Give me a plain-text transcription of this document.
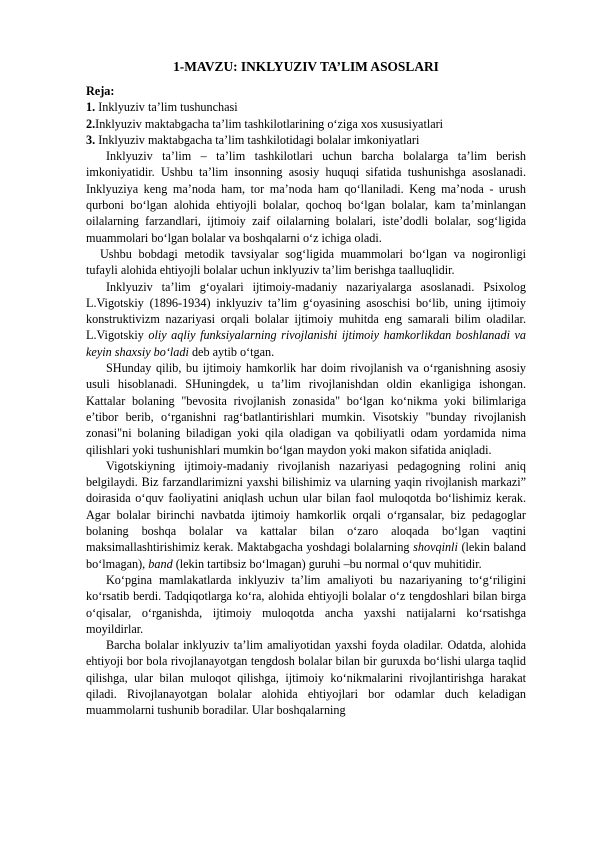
1-MAVZU: INKLYUZIV TA’LIM ASOSLARI
Reja:
1. Inklyuziv ta’lim tushunchasi
2.Inklyuziv maktabgacha ta’lim tashkilotlarining o‘ziga xos xususiyatlari
3. Inklyuziv maktabgacha ta’lim tashkilotidagi bolalar imkoniyatlari

Inklyuziv ta’lim – ta’lim tashkilotlari uchun barcha bolalarga ta’lim berish imkoniyatidir. Ushbu ta’lim insonning asosiy huquqi sifatida tushunishga asoslanadi. Inklyuziya keng ma’noda ham, tor ma’noda ham qo‘llaniladi. Keng ma’noda - urush qurboni bo‘lgan alohida ehtiyojli bolalar, qochoq bo‘lgan bolalar, kam ta’minlangan oilalarning farzandlari, ijtimoiy zaif oilalarning bolalari, iste’dodli bolalar, sog‘ligida muammolari bo‘lgan bolalar va boshqalarni o‘z ichiga oladi.

Ushbu bobdagi metodik tavsiyalar sog‘ligida muammolari bo‘lgan va nogironligi tufayli alohida ehtiyojli bolalar uchun inklyuziv ta’lim berishga taalluqlidir.

Inklyuziv ta’lim g‘oyalari ijtimoiy-madaniy nazariyalarga asoslanadi. Psixolog L.Vigotskiy (1896-1934) inklyuziv ta’lim g‘oyasining asoschisi bo‘lib, uning ijtimoiy konstruktivizm nazariyasi orqali bolalar ijtimoiy muhitda eng samarali bilim oladilar. L.Vigotskiy oliy aqliy funksiyalarning rivojlanishi ijtimoiy hamkorlikdan boshlanadi va keyin shaxsiy bo‘ladi deb aytib o‘tgan.

SHunday qilib, bu ijtimoiy hamkorlik har doim rivojlanish va o‘rganishning asosiy usuli hisoblanadi. SHuningdek, u ta’lim rivojlanishdan oldin ekanligiga ishongan. Kattalar bolaning "bevosita rivojlanish zonasida" bo‘lgan ko‘nikma yoki bilimlariga e’tibor berib, o‘rganishni rag‘batlantirishlari mumkin. Visotskiy "bunday rivojlanish zonasi"ni bolaning biladigan yoki qila oladigan va qobiliyatli odam yordamida nima qilishlari yoki tushunishlari mumkin bo‘lgan maydon yoki makon sifatida aniqladi.

Vigotskiyning ijtimoiy-madaniy rivojlanish nazariyasi pedagogning rolini aniq belgilaydi. Biz farzandlarimizni yaxshi bilishimiz va ularning yaqin rivojlanish markazi” doirasida o‘quv faoliyatini aniqlash uchun ular bilan faol muloqotda bo‘lishimiz kerak. Agar bolalar birinchi navbatda ijtimoiy hamkorlik orqali o‘rgansalar, biz pedagoglar bolaning boshqa bolalar va kattalar bilan o‘zaro aloqada bo‘lgan vaqtini maksimallashtirishimiz kerak. Maktabgacha yoshdagi bolalarning shovqinli (lekin baland bo‘lmagan), band (lekin tartibsiz bo‘lmagan) guruhi –bu normal o‘quv muhitidir.

Ko‘pgina mamlakatlarda inklyuziv ta’lim amaliyoti bu nazariyaning to‘g‘riligini ko‘rsatib berdi. Tadqiqotlarga ko‘ra, alohida ehtiyojli bolalar o‘z tengdoshlari bilan birga o‘qisalar, o‘rganishda, ijtimoiy muloqotda ancha yaxshi natijalarni ko‘rsatishga moyildirlar.

Barcha bolalar inklyuziv ta’lim amaliyotidan yaxshi foyda oladilar. Odatda, alohida ehtiyoji bor bola rivojlanayotgan tengdosh bolalar bilan bir guruxda bo‘lishi ularga taqlid qilishga, ular bilan muloqot qilishga, ijtimoiy ko‘nikmalarini rivojlantirishga harakat qiladi. Rivojlanayotgan bolalar alohida ehtiyojlari bor odamlar duch keladigan muammolarni tushunib boradilar. Ular boshqalarning
